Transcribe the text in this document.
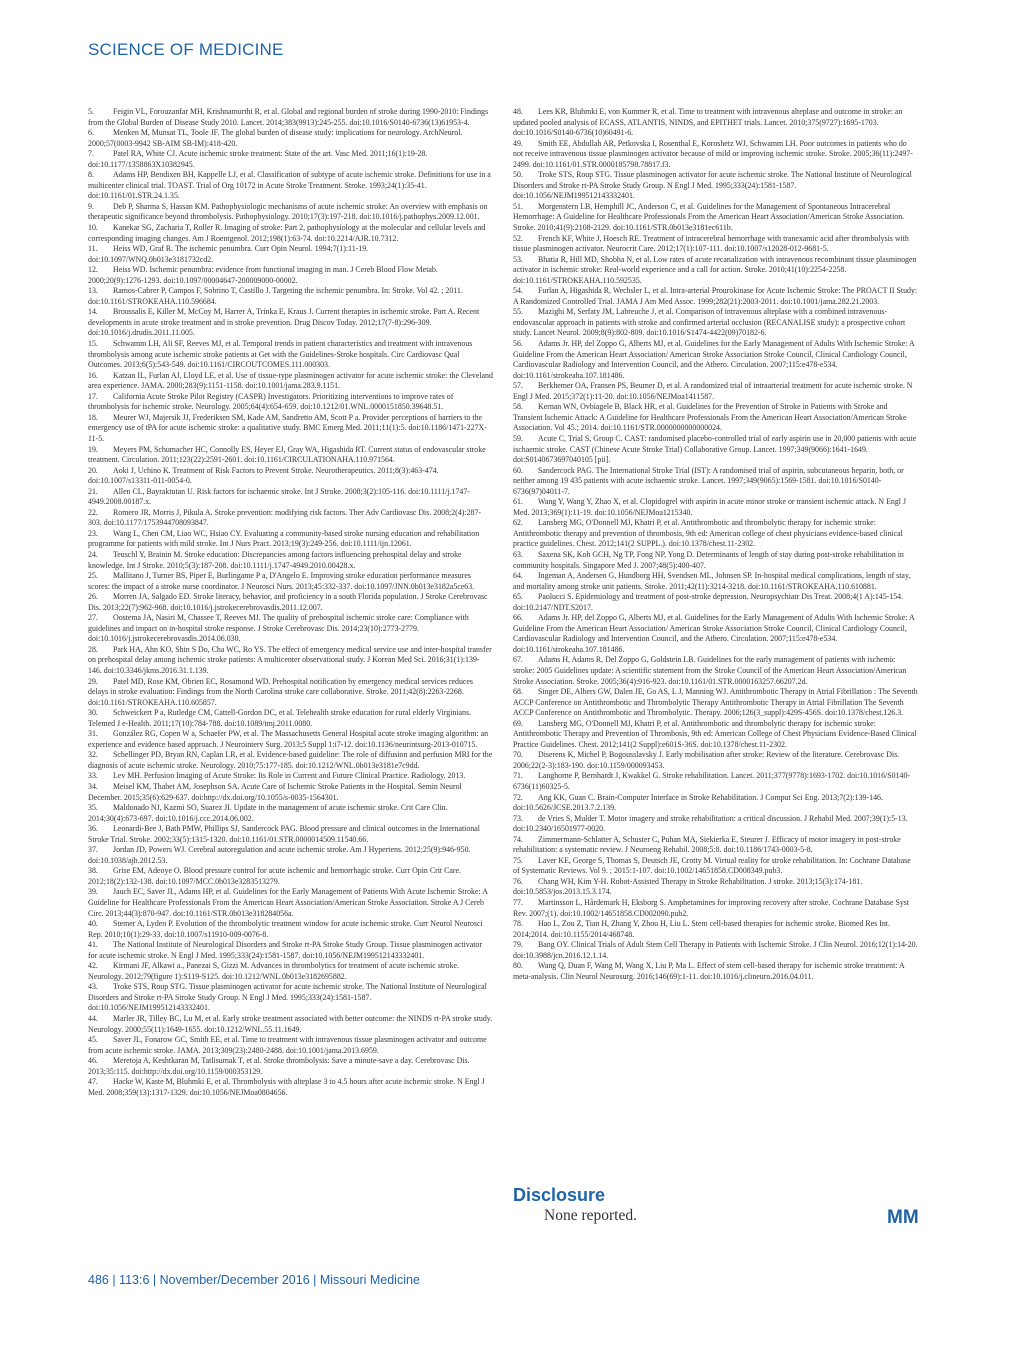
SCIENCE OF MEDICINE

5. Feigin VL, Forouzanfar MH, Krishnamurthi R, et al. Global and regional burden of stroke during 1990-2010: Findings from the Global Burden of Disease Study 2010. Lancet. 2014;383(9913):245-255. doi:10.1016/S0140-6736(13)61953-4.

6. Menken M, Munsat TL, Toole JF. The global burden of disease study: implications for neurology. ArchNeurol. 2000;57(0003-9942 SB-AIM SB-IM):418-420.

7. Patel RA, White CJ. Acute ischemic stroke treatment: State of the art. Vasc Med. 2011;16(1):19-28. doi:10.1177/1358863X10382945.

8. Adams HP, Bendixen BH, Kappelle LJ, et al. Classification of subtype of acute ischemic stroke. Definitions for use in a multicenter clinical trial. TOAST. Trial of Org 10172 in Acute Stroke Treatment. Stroke. 1993;24(1):35-41. doi:10.1161/01.STR.24.1.35.

9. Deb P, Sharma S, Hassan KM. Pathophysiologic mechanisms of acute ischemic stroke: An overview with emphasis on therapeutic significance beyond thrombolysis. Pathophysiology. 2010;17(3):197-218. doi:10.1016/j.pathophys.2009.12.001.

10. Kanekar SG, Zacharia T, Roller R. Imaging of stroke: Part 2, pathophysiology at the molecular and cellular levels and corresponding imaging changes. Am J Roentgenol. 2012;198(1):63-74. doi:10.2214/AJR.10.7312.

11. Heiss WD, Graf R. The ischemic penumbra. Curr Opin Neurol. 1994;7(1):11-19. doi:10.1097/WNQ.0b013e3181732cd2.

12. Heiss WD. Ischemic penumbra: evidence from functional imaging in man. J Cereb Blood Flow Metab. 2000;20(9):1276-1293. doi:10.1097/00004647-200009000-00002.

13. Ramos-Cabrer P, Campos F, Sobrino T, Castillo J. Targeting the ischemic penumbra. In: Stroke. Vol 42. ; 2011. doi:10.1161/STROKEAHA.110.596684.

14. Broussalis E, Killer M, McCoy M, Harrer A, Trinka E, Kraus J. Current therapies in ischemic stroke. Part A. Recent developments in acute stroke treatment and in stroke prevention. Drug Discov Today. 2012;17(7-8):296-309. doi:10.1016/j.drudis.2011.11.005.

15. Schwamm LH, Ali SF, Reeves MJ, et al. Temporal trends in patient characteristics and treatment with intravenous thrombolysis among acute ischemic stroke patients at Get with the Guidelines-Stroke hospitals. Circ Cardiovasc Qual Outcomes. 2013;6(5):543-549. doi:10.1161/CIRCOUTCOMES.111.000303.

16. Katzan IL, Furlan AJ, Lloyd LE, et al. Use of tissue-type plasminogen activator for acute ischemic stroke: the Cleveland area experience. JAMA. 2000;283(9):1151-1158. doi:10.1001/jama.283.9.1151.

17. California Acute Stroke Pilot Registry (CASPR) Investigators. Prioritizing interventions to improve rates of thrombolysis for ischemic stroke. Neurology. 2005;64(4):654-659. doi:10.1212/01.WNL.0000151850.39648.51.

18. Meurer WJ, Majersik JJ, Frederiksen SM, Kade AM, Sandretto AM, Scott P a. Provider perceptions of barriers to the emergency use of tPA for acute ischemic stroke: a qualitative study. BMC Emerg Med. 2011;11(1):5. doi:10.1186/1471-227X-11-5.

19. Meyers PM, Schumacher HC, Connolly ES, Heyer EJ, Gray WA, Higashida RT. Current status of endovascular stroke treatment. Circulation. 2011;123(22):2591-2601. doi:10.1161/CIRCULATIONAHA.110.971564.

20. Aoki J, Uchino K. Treatment of Risk Factors to Prevent Stroke. Neurotherapeutics. 2011;8(3):463-474. doi:10.1007/s13311-011-0054-0.

21. Allen CL, Bayraktutan U. Risk factors for ischaemic stroke. Int J Stroke. 2008;3(2):105-116. doi:10.1111/j.1747-4949.2008.00187.x.

22. Romero JR, Morris J, Pikula A. Stroke prevention: modifying risk factors. Ther Adv Cardiovasc Dis. 2008;2(4):287-303. doi:10.1177/1753944708093847.

23. Wang L, Chen CM, Liao WC, Hsiao CY. Evaluating a community-based stroke nursing education and rehabilitation programme for patients with mild stroke. Int J Nurs Pract. 2013;19(3):249-256. doi:10.1111/ijn.12061.

24. Teuschl Y, Brainin M. Stroke education: Discrepancies among factors influencing prehospital delay and stroke knowledge. Int J Stroke. 2010;5(3):187-208. doi:10.1111/j.1747-4949.2010.00428.x.

25. Mallitano J, Turner BS, Piper E, Burlingame P a, D'Angelo E. Improving stroke education performance measures scores: the impact of a stroke nurse coordinator. J Neurosci Nurs. 2013;45:332-337. doi:10.1097/JNN.0b013e3182a5ce63.

26. Morren JA, Salgado ED. Stroke literacy, behavior, and proficiency in a south Florida population. J Stroke Cerebrovasc Dis. 2013;22(7):962-968. doi:10.1016/j.jstrokecerebrovasdis.2011.12.007.

27. Oostema JA, Nasiri M, Chassee T, Reeves MJ. The quality of prehospital ischemic stroke care: Compliance with guidelines and impact on in-hospital stroke response. J Stroke Cerebrovasc Dis. 2014;23(10):2773-2779. doi:10.1016/j.jstrokecerebrovasdis.2014.06.030.

28. Park HA, Ahn KO, Shin S Do, Cha WC, Ro YS. The effect of emergency medical service use and inter-hospital transfer on prehospital delay among ischemic stroke patients: A multicenter observational study. J Korean Med Sci. 2016;31(1):139-146. doi:10.3346/jkms.2016.31.1.139.

29. Patel MD, Rose KM, Obrien EC, Rosamond WD. Prehospital notification by emergency medical services reduces delays in stroke evaluation: Findings from the North Carolina stroke care collaborative. Stroke. 2011;42(8):2263-2268. doi:10.1161/STROKEAHA.110.605857.

30. Schweickert P a, Rutledge CM, Cattell-Gordon DC, et al. Telehealth stroke education for rural elderly Virginians. Telemed J e-Health. 2011;17(10):784-788. doi:10.1089/tmj.2011.0080.

31. González RG, Copen W a, Schaefer PW, et al. The Massachusetts General Hospital acute stroke imaging algorithm: an experience and evidence based approach. J Neurointerv Surg. 2013;5 Suppl 1:i7-12. doi:10.1136/neurintsurg-2013-010715.

32. Schellinger PD, Bryan RN, Caplan LR, et al. Evidence-based guideline: The role of diffusion and perfusion MRI for the diagnosis of acute ischemic stroke. Neurology. 2010;75:177-185. doi:10.1212/WNL.0b013e3181e7c9dd.

33. Lev MH. Perfusion Imaging of Acute Stroke: Its Role in Current and Future Clinical Practice. Radiology. 2013.

34. Meisel KM, Thabet AM, Josephson SA. Acute Care of Ischemic Stroke Patients in the Hospital. Semin Neurol December. 2015;35(6):629-637. doi:http://dx.doi.org/10.1055/s-0035-1564301.

35. Maldonado NJ, Kazmi SO, Suarez JI. Update in the management of acute ischemic stroke. Crit Care Clin. 2014;30(4):673-697. doi:10.1016/j.ccc.2014.06.002.

36. Leonardi-Bee J, Bath PMW, Phillips SJ, Sandercock PAG. Blood pressure and clinical outcomes in the International Stroke Trial. Stroke. 2002;33(5):1315-1320. doi:10.1161/01.STR.0000014509.11540.66.

37. Jordan JD, Powers WJ. Cerebral autoregulation and acute ischemic stroke. Am J Hypertens. 2012;25(9):946-950. doi:10.1038/ajh.2012.53.

38. Grise EM, Adeoye O. Blood pressure control for acute ischemic and hemorrhagic stroke. Curr Opin Crit Care. 2012;18(2):132-138. doi:10.1097/MCC.0b013e3283513279.

39. Jauch EC, Saver JL, Adams HP, et al. Guidelines for the Early Management of Patients With Acute Ischemic Stroke: A Guideline for Healthcare Professionals From the American Heart Association/American Stroke Association. Stroke A J Cereb Circ. 2013;44(3):870-947. doi:10.1161/STR.0b013e318284056a.

40. Stemer A, Lyden P. Evolution of the thrombolytic treatment window for acute ischemic stroke. Curr Neurol Neurosci Rep. 2010;10(1):29-33. doi:10.1007/s11910-009-0076-8.

41. The National Institute of Neurological Disorders and Stroke rt-PA Stroke Study Group. Tissue plasminogen activator for acute ischemic stroke. N Engl J Med. 1995;333(24):1581-1587. doi:10.1056/NEJM199512143332401.

42. Kirmani JF, Alkawi a., Panezai S, Gizzi M. Advances in thrombolytics for treatment of acute ischemic stroke. Neurology. 2012;79(figure 1):S119-S125. doi:10.1212/WNL.0b013e3182695882.

43. Troke STS, Roup STG. Tissue plasminogen activator for acute ischemic stroke. The National Institute of Neurological Disorders and Stroke rt-PA Stroke Study Group. N Engl J Med. 1995;333(24):1581-1587. doi:10.1056/NEJM199512143332401.

44. Marler JR, Tilley BC, Lu M, et al. Early stroke treatment associated with better outcome: the NINDS rt-PA stroke study. Neurology. 2000;55(11):1649-1655. doi:10.1212/WNL.55.11.1649.

45. Saver JL, Fonarow GC, Smith EE, et al. Time to treatment with intravenous tissue plasminogen activator and outcome from acute ischemic stroke. JAMA. 2013;309(23):2480-2488. doi:10.1001/jama.2013.6959.

46. Meretoja A, Keshtkaran M, Tatlisumak T, et al. Stroke thrombolysis: Save a minute-save a day. Cerebrovasc Dis. 2013;35:115. doi:http://dx.doi.org/10.1159/000353129.

47. Hacke W, Kaste M, Bluhmki E, et al. Thrombolysis with alteplase 3 to 4.5 hours after acute ischemic stroke. N Engl J Med. 2008;359(13):1317-1329. doi:10.1056/NEJMoa0804656.

48. Lees KR, Bluhmki E, von Kummer R, et al. Time to treatment with intravenous alteplase and outcome in stroke: an updated pooled analysis of ECASS, ATLANTIS, NINDS, and EPITHET trials. Lancet. 2010;375(9727):1695-1703. doi:10.1016/S0140-6736(10)60491-6.

49. Smith EE, Abdullah AR, Petkovska I, Rosenthal E, Koroshetz WJ, Schwamm LH. Poor outcomes in patients who do not receive intravenous tissue plasminogen activator because of mild or improving ischemic stroke. Stroke. 2005;36(11):2497-2499. doi:10.1161/01.STR.0000185798.78817.f3.

50. Troke STS, Roup STG. Tissue plasminogen activator for acute ischemic stroke. The National Institute of Neurological Disorders and Stroke rt-PA Stroke Study Group. N Engl J Med. 1995;333(24):1581-1587. doi:10.1056/NEJM199512143332401.

51. Morgenstern LB, Hemphill JC, Anderson C, et al. Guidelines for the Management of Spontaneous Intracerebral Hemorrhage: A Guideline for Healthcare Professionals From the American Heart Association/American Stroke Association. Stroke. 2010;41(9):2108-2129. doi:10.1161/STR.0b013e3181ec611b.

52. French KF, White J, Hoesch RE. Treatment of intracerebral hemorrhage with tranexamic acid after thrombolysis with tissue plasminogen activator. Neurocrit Care. 2012;17(1):107-111. doi:10.1007/s12028-012-9681-5.

53. Bhatia R, Hill MD, Shobha N, et al. Low rates of acute recanalization with intravenous recombinant tissue plasminogen activator in ischemic stroke: Real-world experience and a call for action. Stroke. 2010;41(10):2254-2258. doi:10.1161/STROKEAHA.110.592535.

54. Furlan A, Higashida R, Wechsler L, et al. Intra-arterial Prourokinase for Acute Ischemic Stroke: The PROACT II Study: A Randomized Controlled Trial. JAMA J Am Med Assoc. 1999;282(21):2003-2011. doi:10.1001/jama.282.21.2003.

55. Mazighi M, Serfaty JM, Labreuche J, et al. Comparison of intravenous alteplase with a combined intravenous-endovascular approach in patients with stroke and confirmed arterial occlusion (RECANALISE study): a prospective cohort study. Lancet Neurol. 2009;8(9):802-809. doi:10.1016/S1474-4422(09)70182-6.

56. Adams Jr. HP, del Zoppo G, Alberts MJ, et al. Guidelines for the Early Management of Adults With Ischemic Stroke: A Guideline From the American Heart Association/ American Stroke Association Stroke Council, Clinical Cardiology Council, Cardiovascular Radiology and Intervention Council, and the Athero. Circulation. 2007;115:e478-e534. doi:10.1161/strokeaha.107.181486.

57. Berkhemer OA, Fransen PS, Beumer D, et al. A randomized trial of intraarterial treatment for acute ischemic stroke. N Engl J Med. 2015;372(1):11-20. doi:10.1056/NEJMoa1411587.

58. Kernan WN, Ovbiagele B, Black HR, et al. Guidelines for the Prevention of Stroke in Patients with Stroke and Transient Ischemic Attack: A Guideline for Healthcare Professionals From the American Heart Association/American Stroke Association. Vol 45.; 2014. doi:10.1161/STR.0000000000000024.

59. Acute C, Trial S, Group C. CAST: randomised placebo-controlled trial of early aspirin use in 20,000 patients with acute ischaemic stroke. CAST (Chinese Acute Stroke Trial) Collaborative Group. Lancet. 1997;349(9066):1641-1649. doi:S0140673697040105 [pii].

60. Sandercock PAG. The International Stroke Trial (IST): A randomised trial of aspirin, subcutaneous heparin, both, or neither among 19 435 patients with acute ischaemic stroke. Lancet. 1997;349(9065):1569-1581. doi:10.1016/S0140-6736(97)04011-7.

61. Wang Y, Wang Y, Zhao X, et al. Clopidogrel with aspirin in acute minor stroke or transient ischemic attack. N Engl J Med. 2013;369(1):11-19. doi:10.1056/NEJMoa1215340.

62. Lansberg MG, O'Donnell MJ, Khatri P, et al. Antithrombotic and thrombolytic therapy for ischemic stroke: Antithrombotic therapy and prevention of thrombosis, 9th ed: American college of chest physicians evidence-based clinical practice guidelines. Chest. 2012;141(2 SUPPL.). doi:10.1378/chest.11-2302.

63. Saxena SK, Koh GCH, Ng TP, Fong NP, Yong D. Determinants of length of stay during post-stroke rehabilitation in community hospitals. Singapore Med J. 2007;48(5):400-407.

64. Ingeman A, Andersen G, Hundborg HH, Svendsen ML, Johnsen SP. In-hospital medical complications, length of stay, and mortality among stroke unit patients. Stroke. 2011;42(11):3214-3218. doi:10.1161/STROKEAHA.110.610881.

65. Paolucci S. Epidemiology and treatment of post-stroke depression. Neuropsychiatr Dis Treat. 2008;4(1 A):145-154. doi:10.2147/NDT.S2017.

66. Adams Jr. HP, del Zoppo G, Alberts MJ, et al. Guidelines for the Early Management of Adults With Ischemic Stroke: A Guideline From the American Heart Association/ American Stroke Association Stroke Council, Clinical Cardiology Council, Cardiovascular Radiology and Intervention Council, and the Athero. Circulation. 2007;115:e478-e534. doi:10.1161/strokeaha.107.181486.

67. Adams H, Adams R, Del Zoppo G, Goldstein LB. Guidelines for the early management of patients with ischemic stroke: 2005 Guidelines update: A scientific statement from the Stroke Council of the American Heart Association/American Stroke Association. Stroke. 2005;36(4):916-923. doi:10.1161/01.STR.0000163257.66207.2d.

68. Singer DE, Albers GW, Dalen JE, Go AS, L J, Manning WJ. Antithrombotic Therapy in Atrial Fibrillation : The Seventh ACCP Conference on Antithrombotic and Thrombolytic Therapy Antithrombotic Therapy in Atrial Fibrillation The Seventh ACCP Conference on Antithrombotic and Thrombolytic. Therapy. 2006;126(3_suppl):429S-456S. doi:10.1378/chest.126.3.

69. Lansberg MG, O'Donnell MJ, Khatri P, et al. Antithrombotic and thrombolytic therapy for ischemic stroke: Antithrombotic Therapy and Prevention of Thrombosis, 9th ed: American College of Chest Physicians Evidence-Based Clinical Practice Guidelines. Chest. 2012;141(2 Suppl):e601S-36S. doi:10.1378/chest.11-2302.

70. Diserens K, Michel P, Bogousslavsky J. Early mobilisation after stroke: Review of the literature. Cerebrovasc Dis. 2006;22(2-3):183-190. doi:10.1159/000093453.

71. Langhorne P, Bernhardt J, Kwakkel G. Stroke rehabilitation. Lancet. 2011;377(9778):1693-1702. doi:10.1016/S0140-6736(11)60325-5.

72. Ang KK, Guan C. Brain-Computer Interface in Stroke Rehabilitation. J Comput Sci Eng. 2013;7(2):139-146. doi:10.5626/JCSE.2013.7.2.139.

73. de Vries S, Mulder T. Motor imagery and stroke rehabilitation: a critical discussion. J Rehabil Med. 2007;39(1):5-13. doi:10.2340/16501977-0020.

74. Zimmermann-Schlatter A, Schuster C, Puhan MA, Siekierka E, Steurer J. Efficacy of motor imagery in post-stroke rehabilitation: a systematic review. J Neuroeng Rehabil. 2008;5:8. doi:10.1186/1743-0003-5-8.

75. Laver KE, George S, Thomas S, Deutsch JE, Crotty M. Virtual reality for stroke rehabilitation. In: Cochrane Database of Systematic Reviews. Vol 9. ; 2015:1-107. doi:10.1002/14651858.CD008349.pub3.

76. Chang WH, Kim Y-H. Robot-Assisted Therapy in Stroke Rehabilitation. J stroke. 2013;15(3):174-181. doi:10.5853/jos.2013.15.3.174.

77. Martinsson L, Hårdemark H, Eksborg S. Amphetamines for improving recovery after stroke. Cochrane Database Syst Rev. 2007;(1). doi:10.1002/14651858.CD002090.pub2.

78. Hao L, Zou Z, Tian H, Zhang Y, Zhou H, Liu L. Stem cell-based therapies for ischemic stroke. Biomed Res Int. 2014;2014. doi:10.1155/2014/468748.

79. Bang OY. Clinical Trials of Adult Stem Cell Therapy in Patients with Ischemic Stroke. J Clin Neurol. 2016;12(1):14-20. doi:10.3988/jcn.2016.12.1.14.

80. Wang Q, Duan F, Wang M, Wang X, Liu P, Ma L. Effect of stem cell-based therapy for ischemic stroke treatment: A meta-analysis. Clin Neurol Neurosurg. 2016;146(69):1-11. doi:10.1016/j.clineuro.2016.04.011.

Disclosure
None reported.	MM
486 | 113:6 | November/December 2016 | Missouri Medicine
